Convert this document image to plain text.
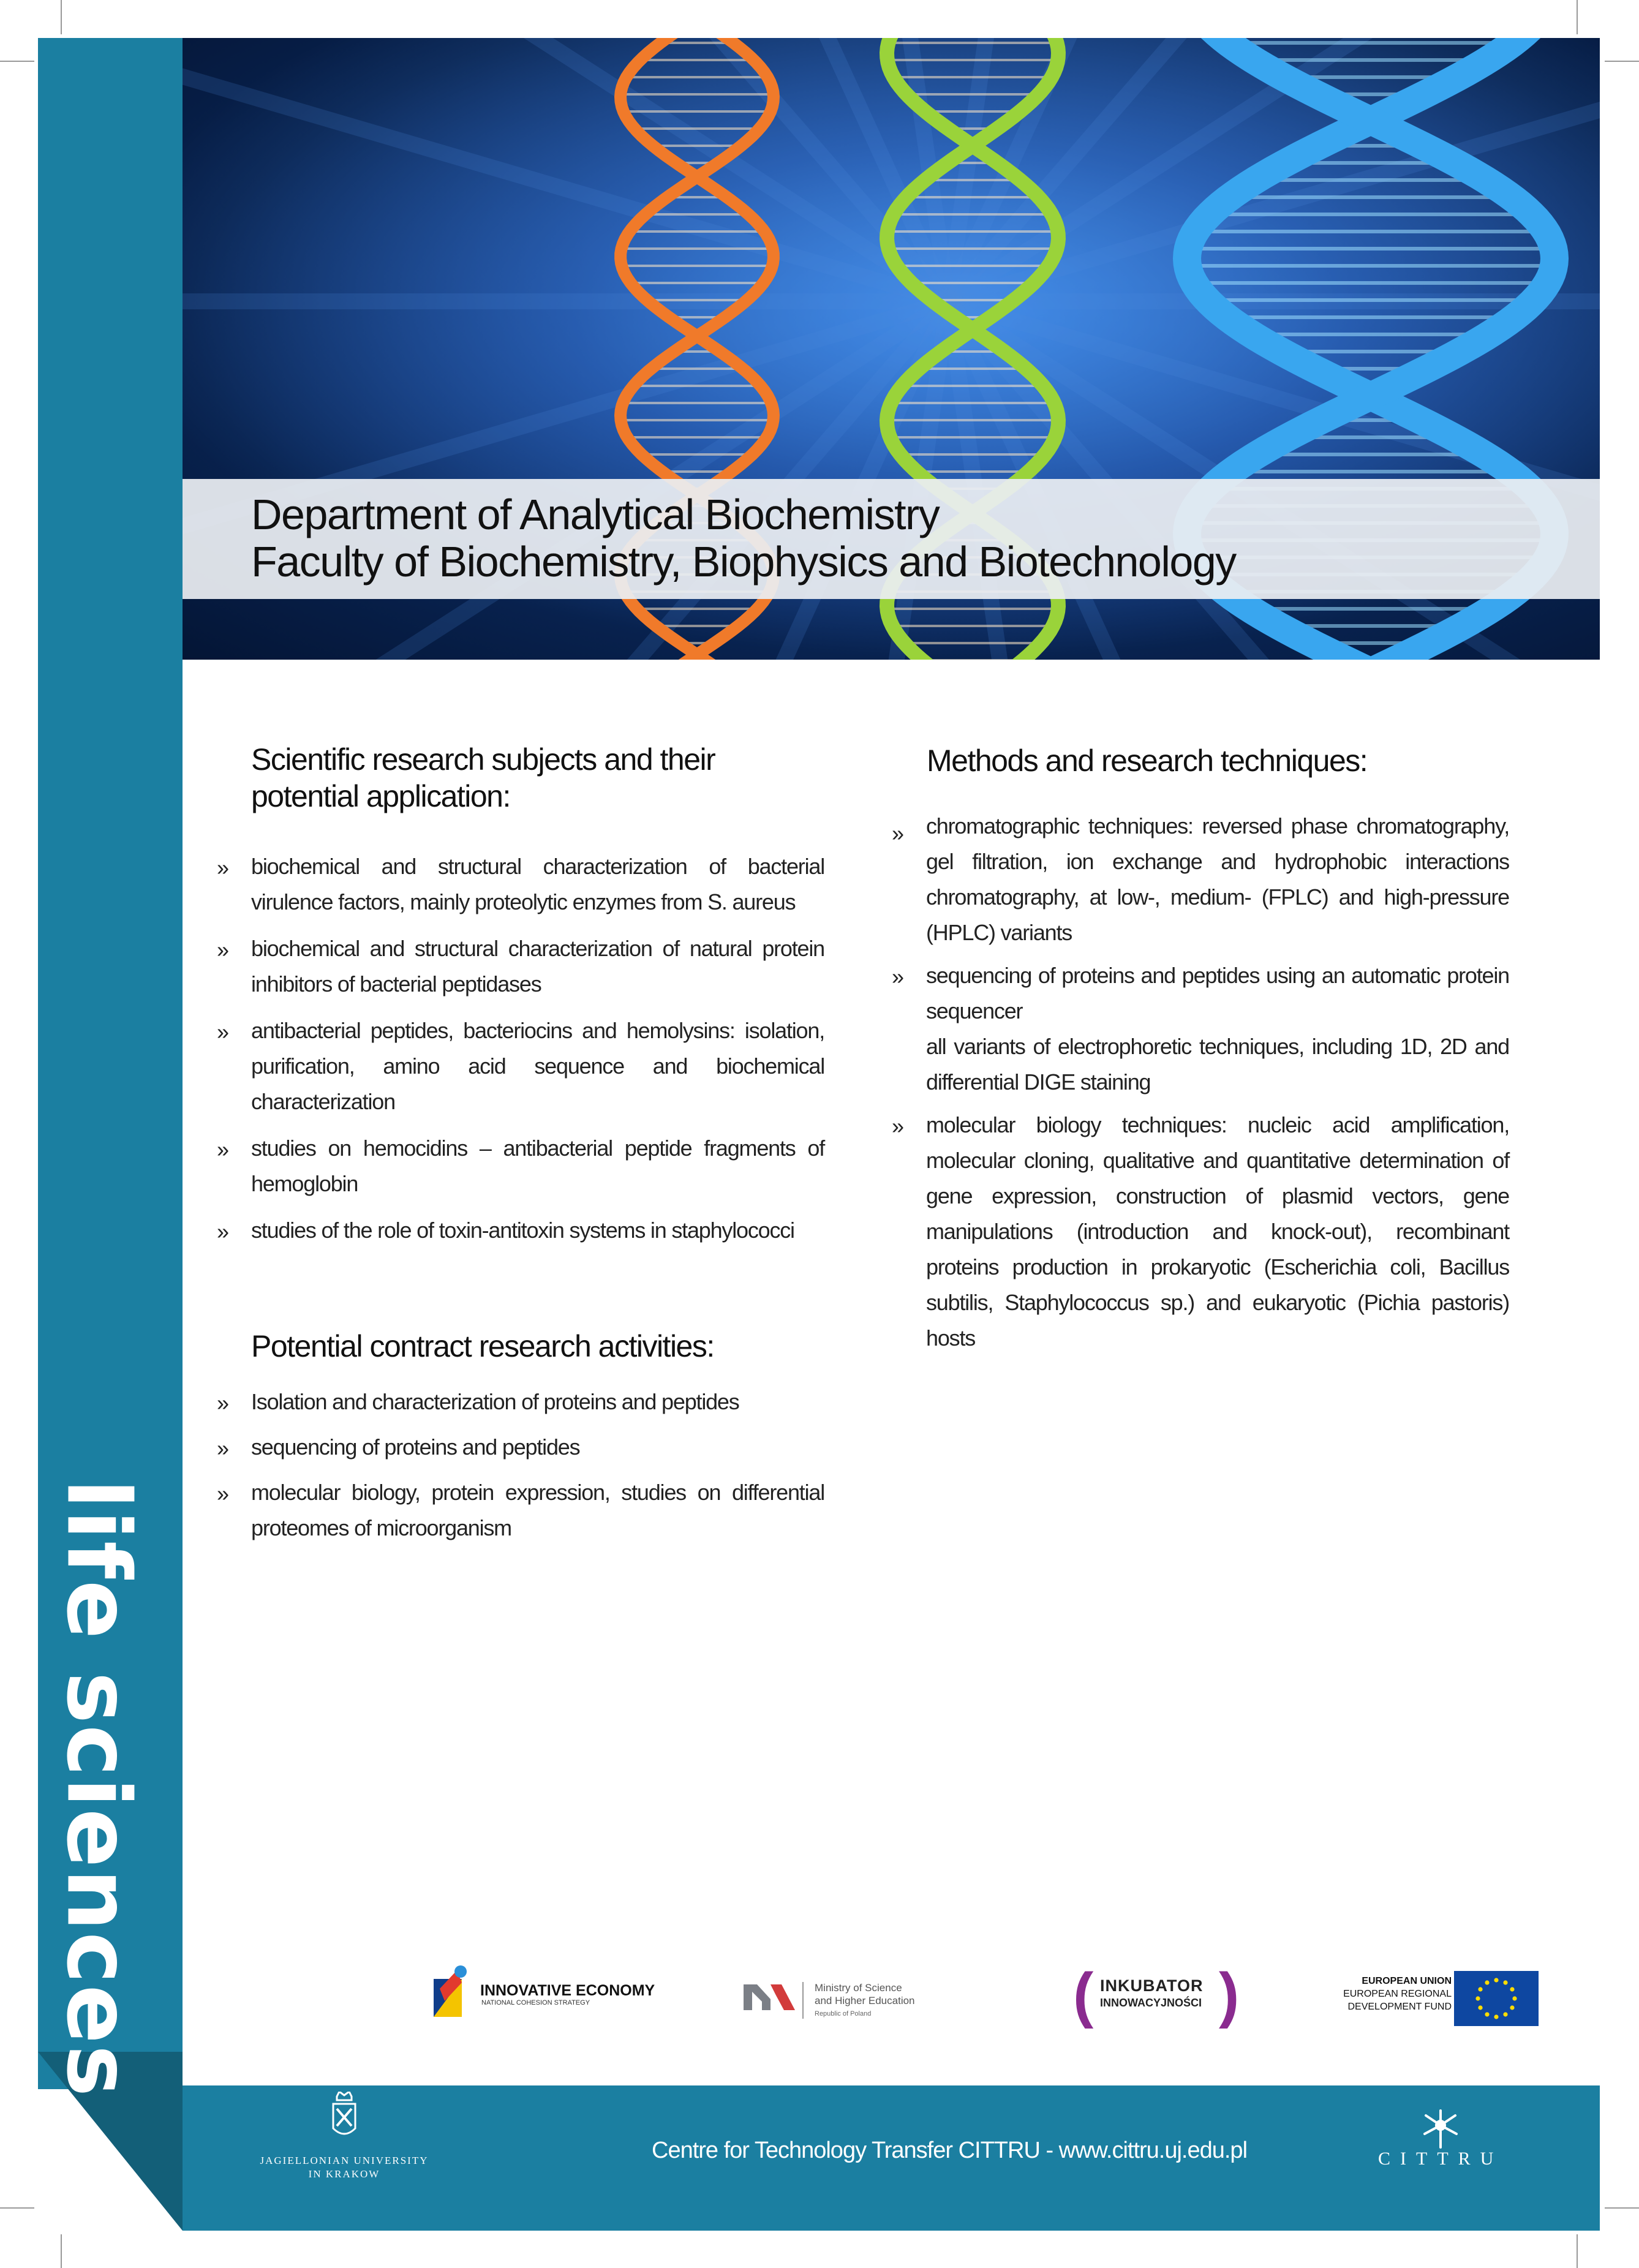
life sciences
Department of Analytical Biochemistry
Faculty of Biochemistry, Biophysics and Biotechnology
Scientific research subjects and their potential application:
» biochemical and structural characterization of bacterial virulence factors, mainly proteolytic enzymes from S. aureus
» biochemical and structural characterization of natural protein inhibitors of bacterial peptidases
» antibacterial peptides, bacteriocins and hemolysins: isolation, purification, amino acid sequence and biochemical characterization
» studies on hemocidins – antibacterial peptide fragments of hemoglobin
» studies of the role of toxin-antitoxin systems in staphylococci
Potential contract research activities:
» Isolation and characterization of proteins and peptides
» sequencing of proteins and peptides
» molecular biology, protein expression, studies on differential proteomes of microorganism
Methods and research techniques:
» chromatographic techniques: reversed phase chromatography, gel filtration, ion exchange and hydrophobic interactions chromatography, at low-, medium- (FPLC) and high-pressure (HPLC) variants
» sequencing of proteins and peptides using an automatic protein sequencer
all variants of electrophoretic techniques, including 1D, 2D and differential DIGE staining
» molecular biology techniques: nucleic acid amplification, molecular cloning, qualitative and quantitative determination of gene expression, construction of plasmid vectors, gene manipulations (introduction and knock-out), recombinant proteins production in prokaryotic (Escherichia coli, Bacillus subtilis, Staphylococcus sp.) and eukaryotic (Pichia pastoris) hosts
INNOVATIVE ECONOMY
NATIONAL COHESION STRATEGY
Ministry of Science
and Higher Education
Republic of Poland	( INKUBATOR
INNOWACYJNOŚCI )	EUROPEAN UNION
EUROPEAN REGIONAL
DEVELOPMENT FUND
JAGIELLONIAN UNIVERSITY
IN KRAKOW
Centre for Technology Transfer CITTRU - www.cittru.uj.edu.pl	CITTRU
